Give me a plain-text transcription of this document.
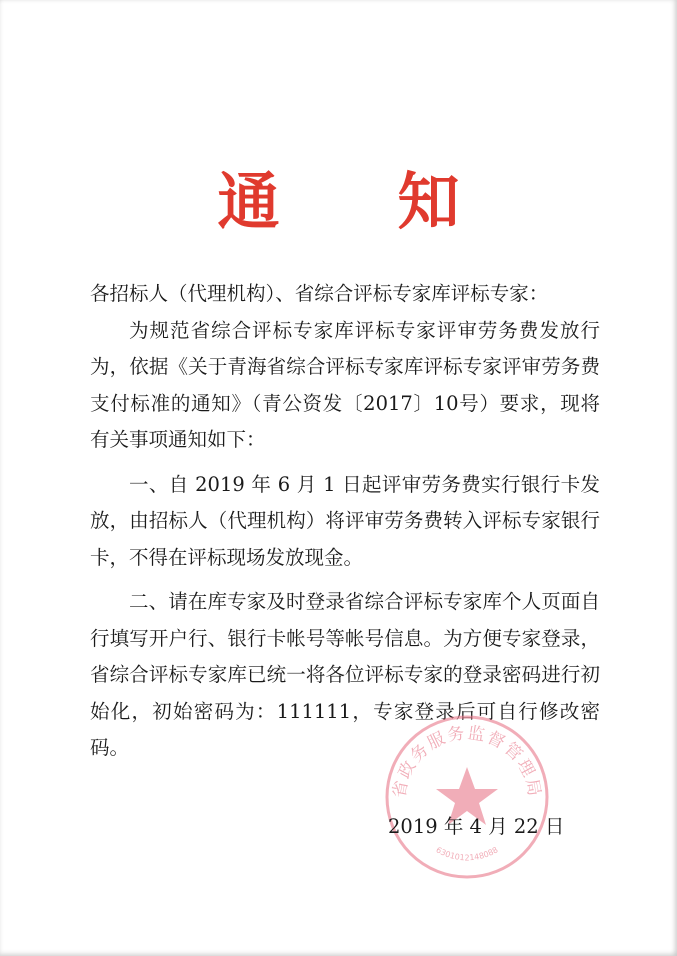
通 知

各招标人（代理机构）、省综合评标专家库评标专家：

为规范省综合评标专家库评标专家评审劳务费发放行为，依据《关于青海省综合评标专家库评标专家评审劳务费支付标准的通知》（青公资发〔2017〕10号）要求，现将有关事项通知如下：

一、自 2019 年 6 月 1 日起评审劳务费实行银行卡发放，由招标人（代理机构）将评审劳务费转入评标专家银行卡，不得在评标现场发放现金。

二、请在库专家及时登录省综合评标专家库个人页面自行填写开户行、银行卡帐号等帐号信息。为方便专家登录，省综合评标专家库已统一将各位评标专家的登录密码进行初始化，初始密码为：111111，专家登录后可自行修改密码。

省政务服务监督管理局
6301012148088
2019 年 4 月 22 日
